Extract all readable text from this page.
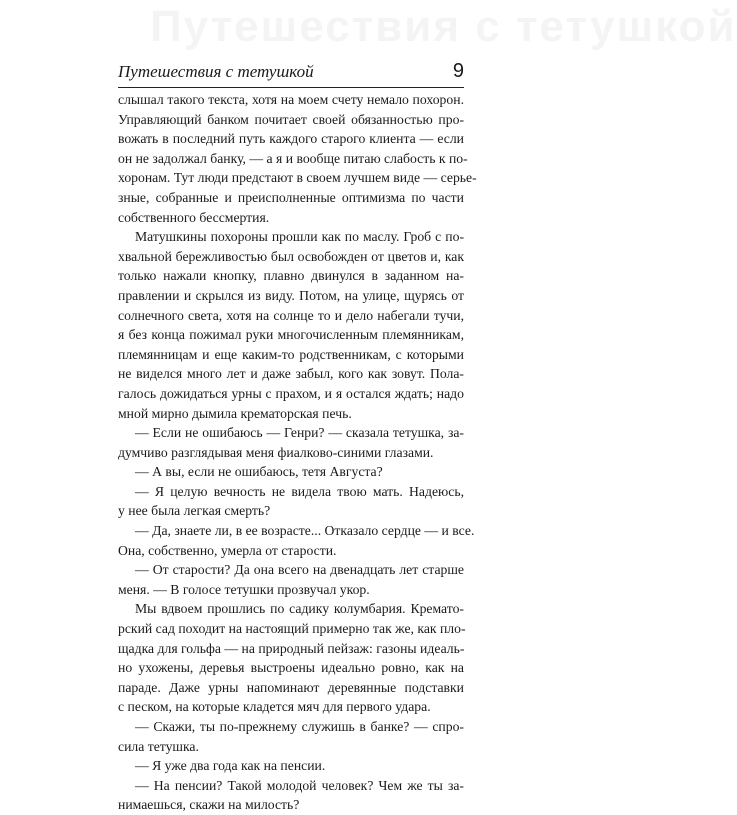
Путешествия с тетушкой
Путешествия с тетушкой	9
слышал такого текста, хотя на моем счету немало похорон.
Управляющий банком почитает своей обязанностью про-
вожать в последний путь каждого старого клиента — если
он не задолжал банку, — а я и вообще питаю слабость к по-
хоронам. Тут люди предстают в своем лучшем виде — серье-
зные, собранные и преисполненные оптимизма по части
собственного бессмертия.
Матушкины похороны прошли как по маслу. Гроб с по-
хвальной бережливостью был освобожден от цветов и, как
только нажали кнопку, плавно двинулся в заданном на-
правлении и скрылся из виду. Потом, на улице, щурясь от
солнечного света, хотя на солнце то и дело набегали тучи,
я без конца пожимал руки многочисленным племянникам,
племянницам и еще каким-то родственникам, с которыми
не виделся много лет и даже забыл, кого как зовут. Пола-
галось дожидаться урны с прахом, и я остался ждать; надо
мной мирно дымила крематорская печь.
— Если не ошибаюсь — Генри? — сказала тетушка, за-
думчиво разглядывая меня фиалково-синими глазами.
— А вы, если не ошибаюсь, тетя Августа?
— Я целую вечность не видела твою мать. Надеюсь,
у нее была легкая смерть?
— Да, знаете ли, в ее возрасте... Отказало сердце — и все.
Она, собственно, умерла от старости.
— От старости? Да она всего на двенадцать лет старше
меня. — В голосе тетушки прозвучал укор.
Мы вдвоем прошлись по садику колумбария. Кремато-
рский сад походит на настоящий примерно так же, как пло-
щадка для гольфа — на природный пейзаж: газоны идеаль-
но ухожены, деревья выстроены идеально ровно, как на
параде. Даже урны напоминают деревянные подставки
с песком, на которые кладется мяч для первого удара.
— Скажи, ты по-прежнему служишь в банке? — спро-
сила тетушка.
— Я уже два года как на пенсии.
— На пенсии? Такой молодой человек? Чем же ты за-
нимаешься, скажи на милость?
